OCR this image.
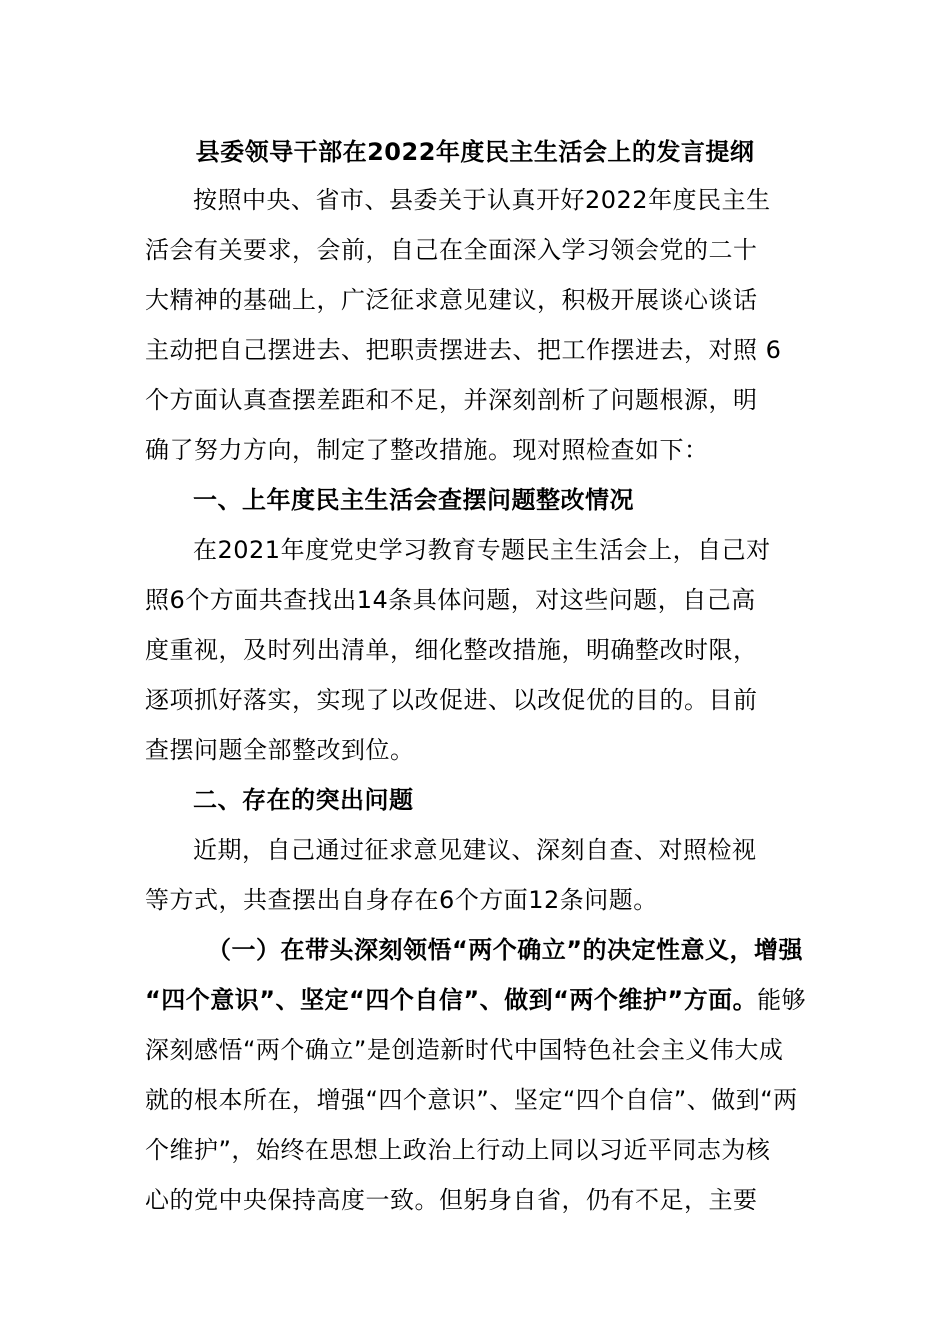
县委领导干部在2022年度民主生活会上的发言提纲
按照中央、省市、县委关于认真开好2022年度民主生
活会有关要求，会前，自己在全面深入学习领会党的二十
大精神的基础上，广泛征求意见建议，积极开展谈心谈话
主动把自己摆进去、把职责摆进去、把工作摆进去，对照 6
个方面认真查摆差距和不足，并深刻剖析了问题根源，明
确了努力方向，制定了整改措施。现对照检查如下：
一、上年度民主生活会查摆问题整改情况
在2021年度党史学习教育专题民主生活会上，自己对
照6个方面共查找出14条具体问题，对这些问题，自己高
度重视，及时列出清单，细化整改措施，明确整改时限，
逐项抓好落实，实现了以改促进、以改促优的目的。目前
查摆问题全部整改到位。
二、存在的突出问题
近期，自己通过征求意见建议、深刻自查、对照检视
等方式，共查摆出自身存在6个方面12条问题。
（一）在带头深刻领悟“两个确立”的决定性意义，增强
“四个意识”、坚定“四个自信”、做到“两个维护”方面。能够
深刻感悟“两个确立”是创造新时代中国特色社会主义伟大成
就的根本所在，增强“四个意识”、坚定“四个自信”、做到“两
个维护”，始终在思想上政治上行动上同以习近平同志为核
心的党中央保持高度一致。但躬身自省，仍有不足，主要
